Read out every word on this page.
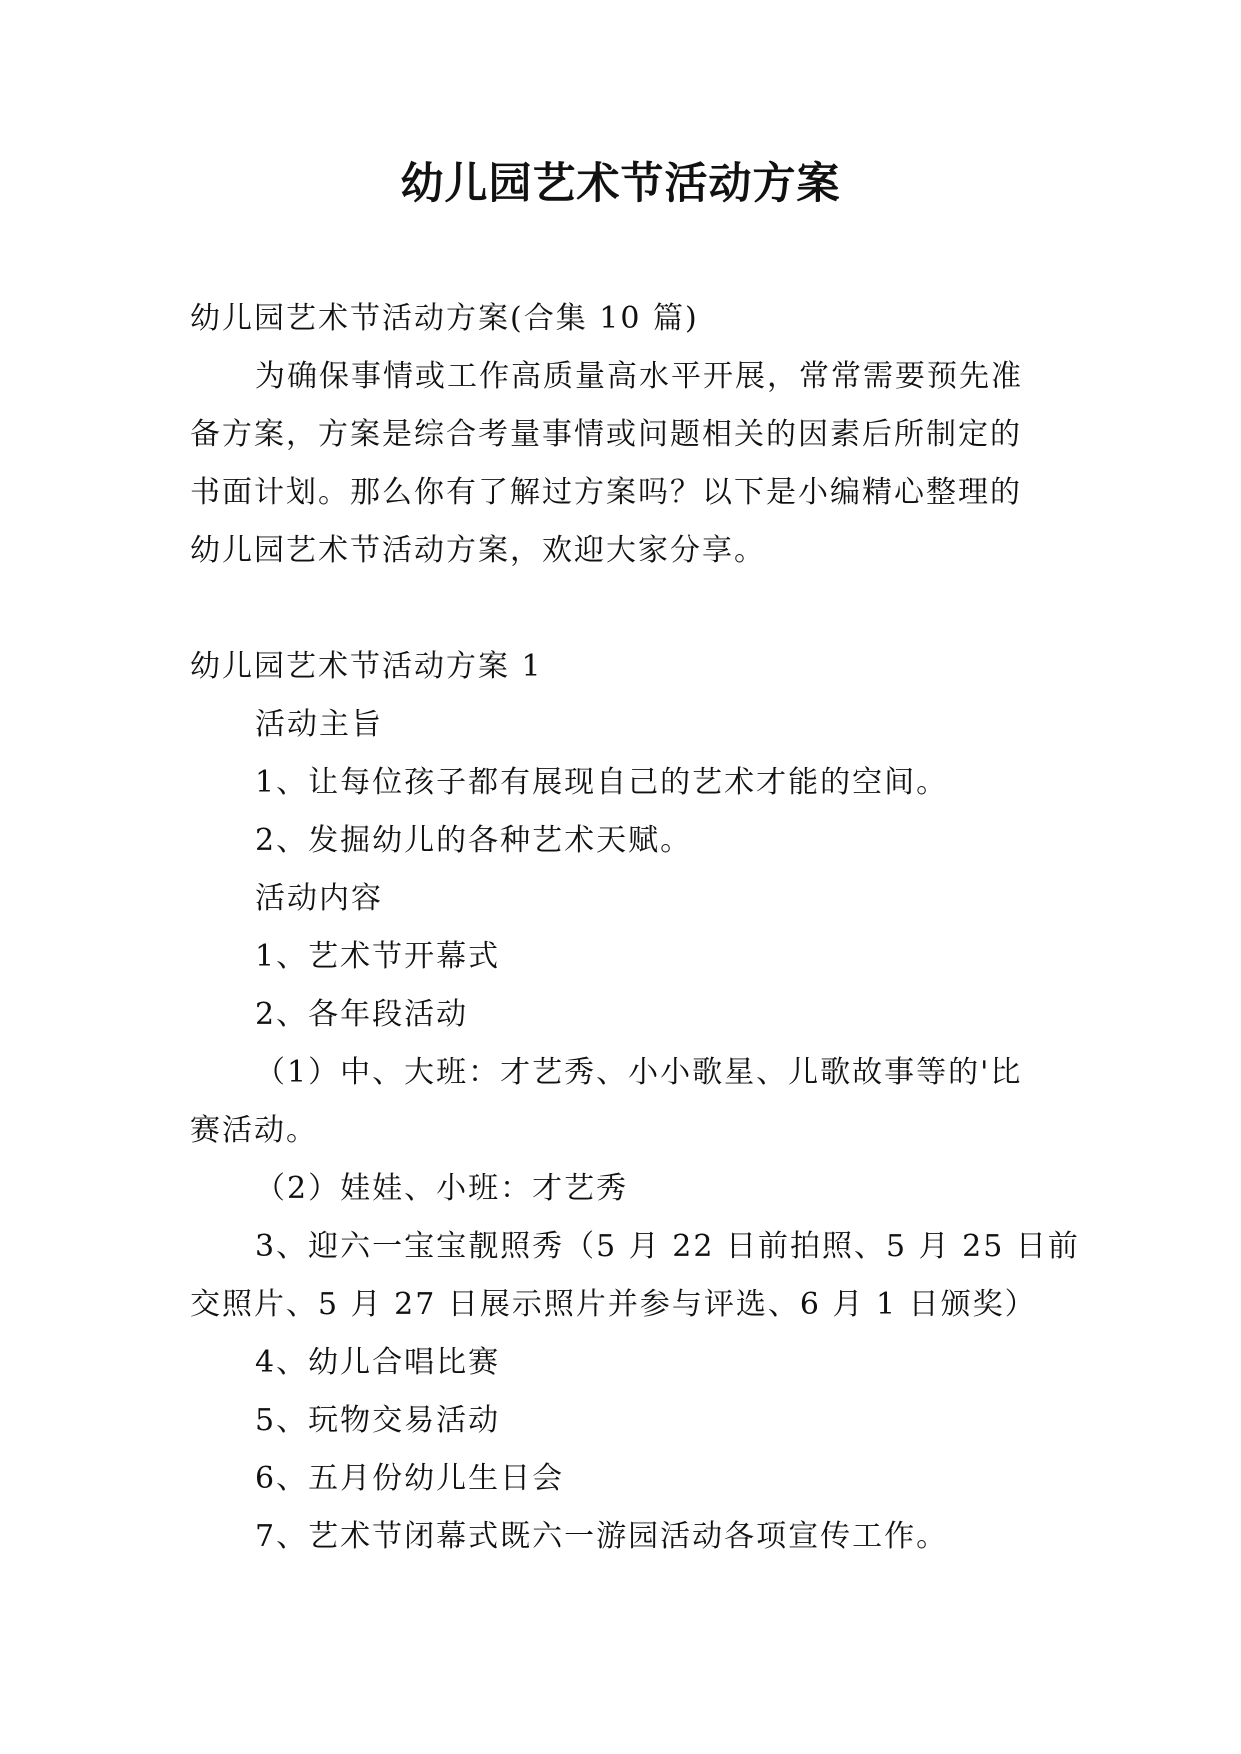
幼儿园艺术节活动方案

幼儿园艺术节活动方案(合集 10 篇)

为确保事情或工作高质量高水平开展，常常需要预先准

备方案，方案是综合考量事情或问题相关的因素后所制定的

书面计划。那么你有了解过方案吗？以下是小编精心整理的

幼儿园艺术节活动方案，欢迎大家分享。

幼儿园艺术节活动方案 1

活动主旨

1、让每位孩子都有展现自己的艺术才能的空间。

2、发掘幼儿的各种艺术天赋。

活动内容

1、艺术节开幕式

2、各年段活动

（1）中、大班：才艺秀、小小歌星、儿歌故事等的'比

赛活动。

（2）娃娃、小班：才艺秀

3、迎六一宝宝靓照秀（5 月 22 日前拍照、5 月 25 日前

交照片、5 月 27 日展示照片并参与评选、6 月 1 日颁奖）

4、幼儿合唱比赛

5、玩物交易活动

6、五月份幼儿生日会

7、艺术节闭幕式既六一游园活动各项宣传工作。
